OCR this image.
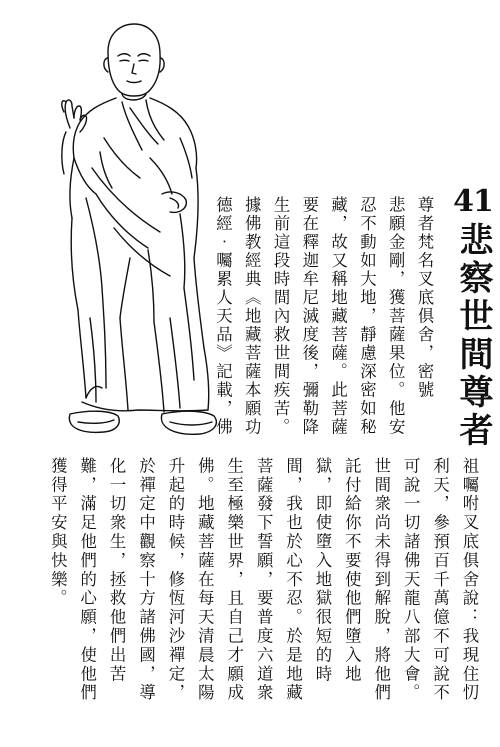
41
悲察世間尊者
尊者梵名叉底俱舍，密號
悲願金剛，獲菩薩果位。他安
忍不動如大地，靜慮深密如秘
藏，故又稱地藏菩薩。此菩薩
要在釋迦牟尼滅度後，彌勒降
生前這段時間內救世間疾苦。
據佛教經典《地藏菩薩本願功
德經‧囑累人天品》記載，佛
祖囑咐叉底俱舍說：我現住忉
利天，參預百千萬億不可說不
可說一切諸佛天龍八部大會。
世間衆尚未得到解脫，將他們
託付給你不要使他們墮入地
獄，即使墮入地獄很短的時
間，我也於心不忍。於是地藏
菩薩發下誓願，要普度六道衆
生至極樂世界，且自己才願成
佛。地藏菩薩在每天清晨太陽
升起的時候，修恆河沙禪定，
於禪定中觀察十方諸佛國，導
化一切衆生，拯救他們出苦
難，滿足他們的心願，使他們
獲得平安與快樂。
